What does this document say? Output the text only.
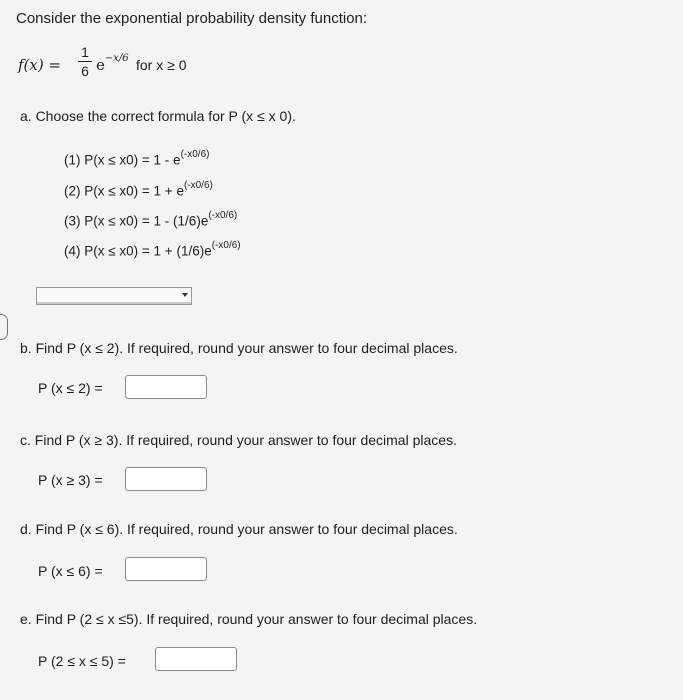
Consider the exponential probability density function:
f(x) =
1
6 $e^{-x/6}$ for x ≥ 0
a. Choose the correct formula for P (x ≤ x 0).
(1) $P(x \le x0) = 1 - e^{(-x0/6)}$
(2) $P(x \le x0) = 1 + e^{(-x0/6)}$
(3) $P(x \le x0) = 1 - (1/6)e^{(-x0/6)}$
(4) $P(x \le x0) = 1 + (1/6)e^{(-x0/6)}$
b. Find P (x ≤ 2). If required, round your answer to four decimal places.
P (x ≤ 2) =
c. Find P (x ≥ 3). If required, round your answer to four decimal places.
P (x ≥ 3) =
d. Find P (x ≤ 6). If required, round your answer to four decimal places.
P (x ≤ 6) =
e. Find P (2 ≤ x ≤5). If required, round your answer to four decimal places.
P (2 ≤ x ≤ 5) =
